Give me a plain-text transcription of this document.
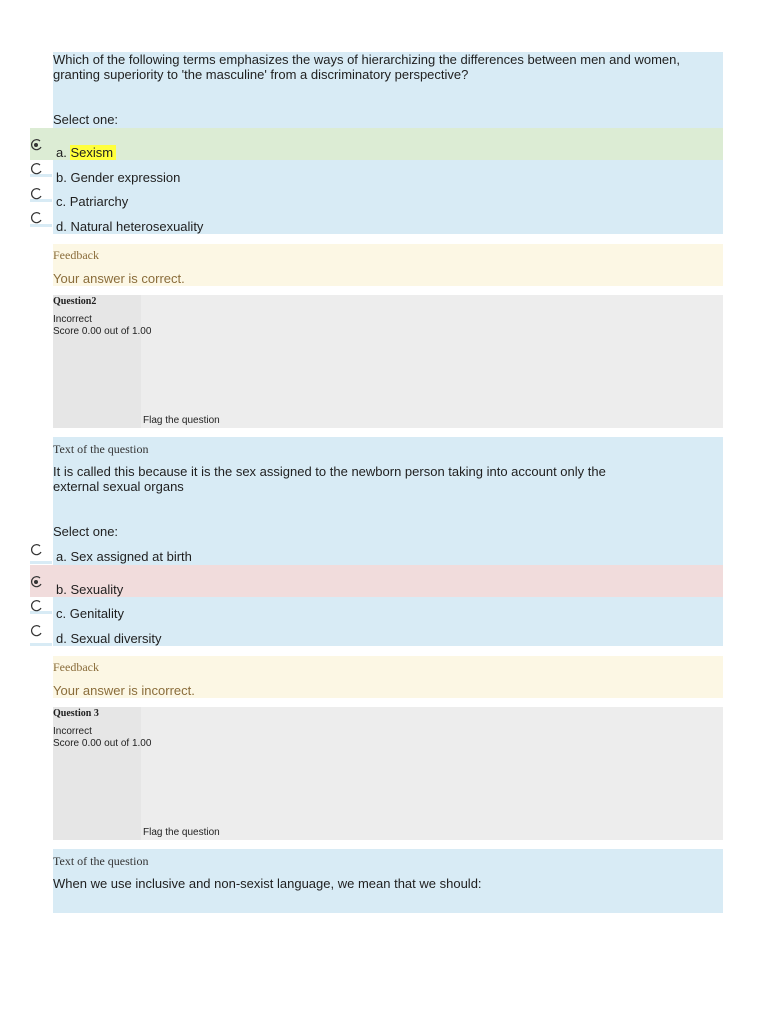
Which of the following terms emphasizes the ways of hierarchizing the differences between men and women, granting superiority to 'the masculine' from a discriminatory perspective?
Select one:
a. Sexism
b. Gender expression
c. Patriarchy
d. Natural heterosexuality
Feedback
Your answer is correct.
Question2
Incorrect
Score 0.00 out of 1.00
Flag the question
Text of the question
It is called this because it is the sex assigned to the newborn person taking into account only the external sexual organs
Select one:
a. Sex assigned at birth
b. Sexuality
c. Genitality
d. Sexual diversity
Feedback
Your answer is incorrect.
Question 3
Incorrect
Score 0.00 out of 1.00
Flag the question
Text of the question
When we use inclusive and non-sexist language, we mean that we should:
